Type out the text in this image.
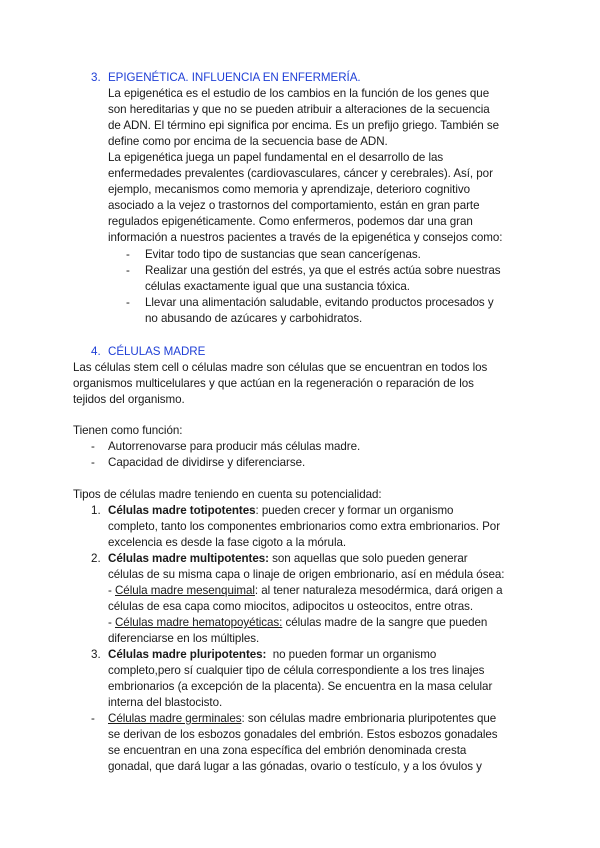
3. EPIGENÉTICA. INFLUENCIA EN ENFERMERÍA.
La epigenética es el estudio de los cambios en la función de los genes que
son hereditarias y que no se pueden atribuir a alteraciones de la secuencia
de ADN. El término epi significa por encima. Es un prefijo griego. También se
define como por encima de la secuencia base de ADN.
La epigenética juega un papel fundamental en el desarrollo de las
enfermedades prevalentes (cardiovasculares, cáncer y cerebrales). Así, por
ejemplo, mecanismos como memoria y aprendizaje, deterioro cognitivo
asociado a la vejez o trastornos del comportamiento, están en gran parte
regulados epigenéticamente. Como enfermeros, podemos dar una gran
información a nuestros pacientes a través de la epigenética y consejos como:
- Evitar todo tipo de sustancias que sean cancerígenas.
- Realizar una gestión del estrés, ya que el estrés actúa sobre nuestras
células exactamente igual que una sustancia tóxica.
- Llevar una alimentación saludable, evitando productos procesados y
no abusando de azúcares y carbohidratos.
4. CÉLULAS MADRE
Las células stem cell o células madre son células que se encuentran en todos los
organismos multicelulares y que actúan en la regeneración o reparación de los
tejidos del organismo.
Tienen como función:
- Autorrenovarse para producir más células madre.
- Capacidad de dividirse y diferenciarse.
Tipos de células madre teniendo en cuenta su potencialidad:
1. Células madre totipotentes: pueden crecer y formar un organismo
completo, tanto los componentes embrionarios como extra embrionarios. Por
excelencia es desde la fase cigoto a la mórula.
2. Células madre multipotentes: son aquellas que solo pueden generar
células de su misma capa o linaje de origen embrionario, así en médula ósea:
- Célula madre mesenquimal: al tener naturaleza mesodérmica, dará origen a
células de esa capa como miocitos, adipocitos u osteocitos, entre otras.
- Células madre hematopoyéticas: células madre de la sangre que pueden
diferenciarse en los múltiples.
3. Células madre pluripotentes:  no pueden formar un organismo
completo,pero sí cualquier tipo de célula correspondiente a los tres linajes
embrionarios (a excepción de la placenta). Se encuentra en la masa celular
interna del blastocisto.
- Células madre germinales: son células madre embrionaria pluripotentes que
se derivan de los esbozos gonadales del embrión. Estos esbozos gonadales
se encuentran en una zona específica del embrión denominada cresta
gonadal, que dará lugar a las gónadas, ovario o testículo, y a los óvulos y
